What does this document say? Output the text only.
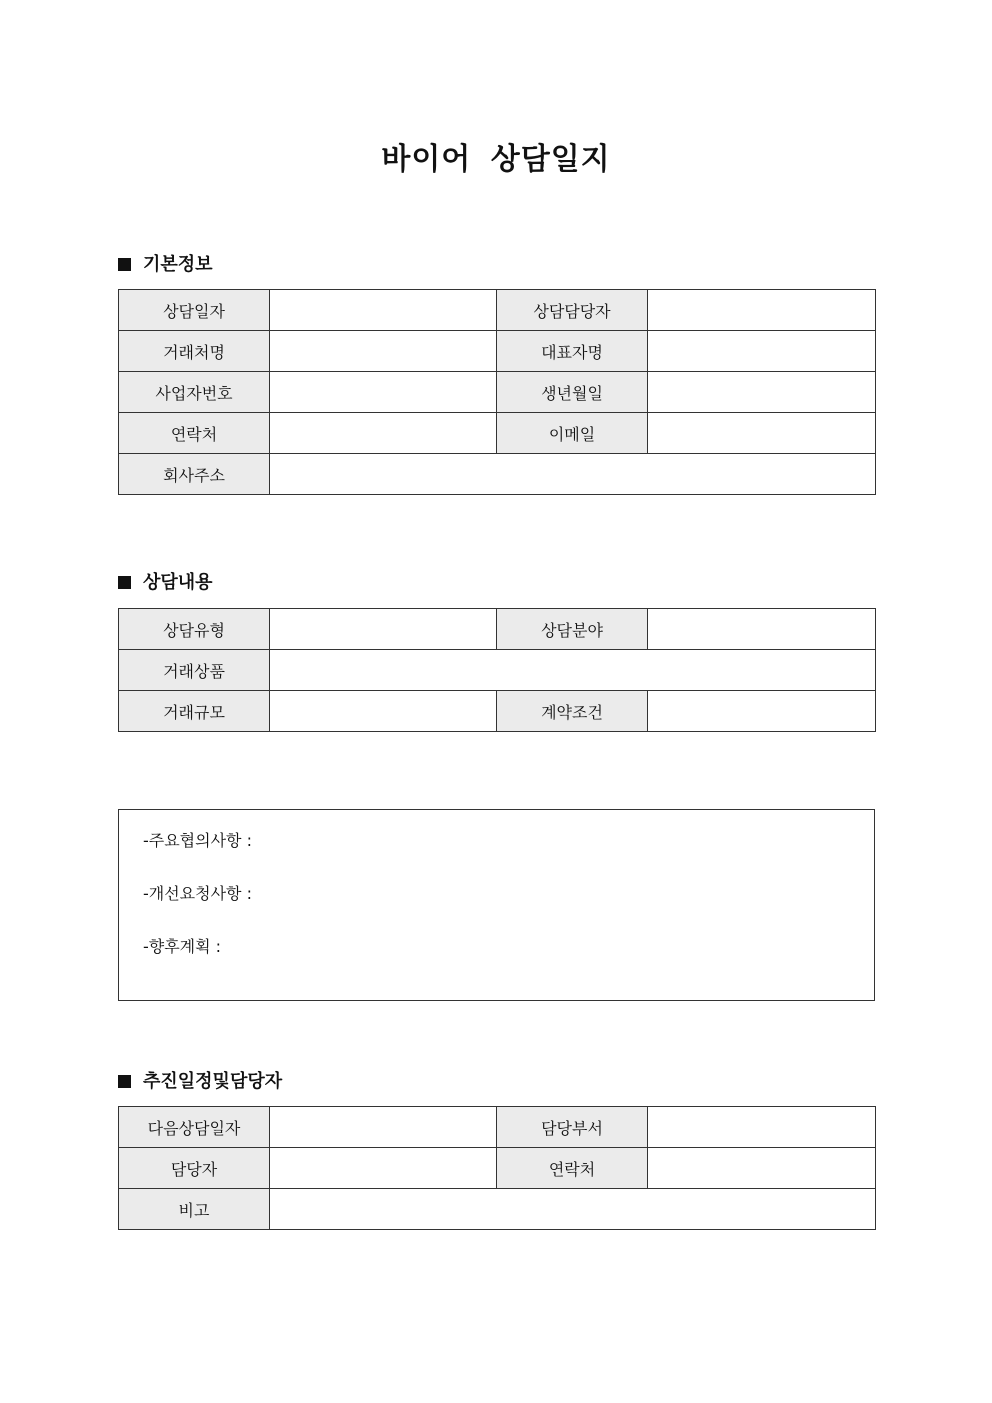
바이어 상담일지
기본정보
상담일자		상담담당자	
거래처명		대표자명	
사업자번호		생년월일	
연락처		이메일	
회사주소			
상담내용
상담유형		상담분야	
거래상품			
거래규모		계약조건	
-주요협의사항 :
-개선요청사항 :
-향후계획 :
추진일정및담당자
다음상담일자		담당부서	
담당자		연락처	
비고			
